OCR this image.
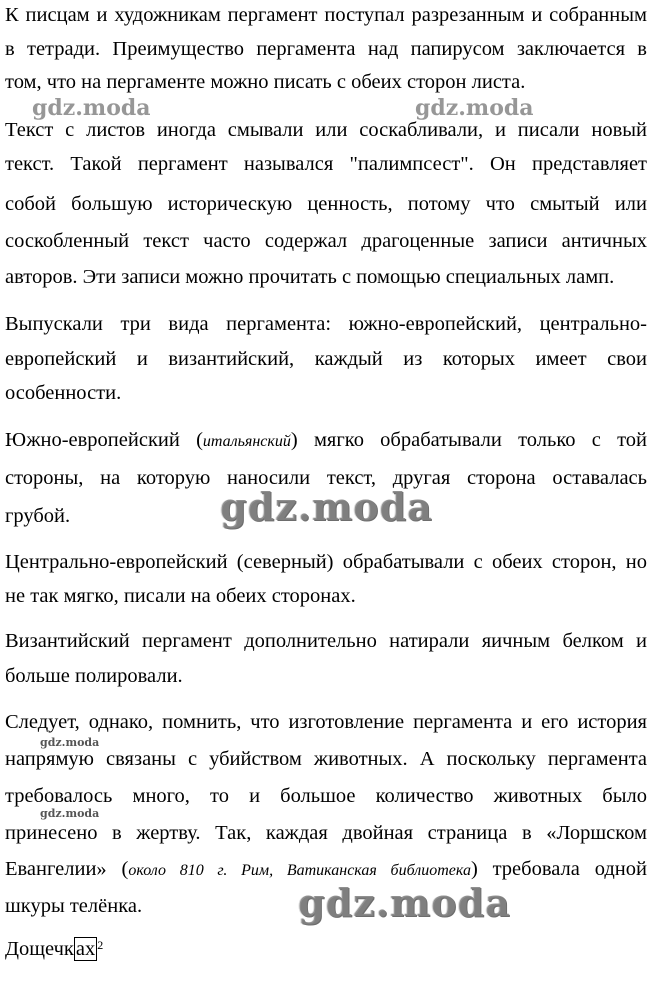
К писцам и художникам пергамент поступал разрезанным и собранным
в тетради. Преимущество пергамента над папирусом заключается в
том, что на пергаменте можно писать с обеих сторон листа.
Текст с листов иногда смывали или соскабливали, и писали новый
текст. Такой пергамент назывался "палимпсест". Он представляет
собой большую историческую ценность, потому что смытый или
соскобленный текст часто содержал драгоценные записи античных
авторов. Эти записи можно прочитать с помощью специальных ламп.
Выпускали три вида пергамента: южно-европейский, центрально-
европейский и византийский, каждый из которых имеет свои
особенности.
Южно-европейский (итальянский) мягко обрабатывали только с той
стороны, на которую наносили текст, другая сторона оставалась
грубой.
Центрально-европейский (северный) обрабатывали с обеих сторон, но
не так мягко, писали на обеих сторонах.
Византийский пергамент дополнительно натирали яичным белком и
больше полировали.
Следует, однако, помнить, что изготовление пергамента и его история
напрямую связаны с убийством животных. А поскольку пергамента
требовалось много, то и большое количество животных было
принесено в жертву. Так, каждая двойная страница в «Лоршском
Евангелии» (около 810 г. Рим, Ватиканская библиотека) требовала одной
шкуры телёнка.
Дощечках $^2$
gdz.moda	gdz.moda
gdz.moda
gdz.moda
gdz.moda
gdz.moda
